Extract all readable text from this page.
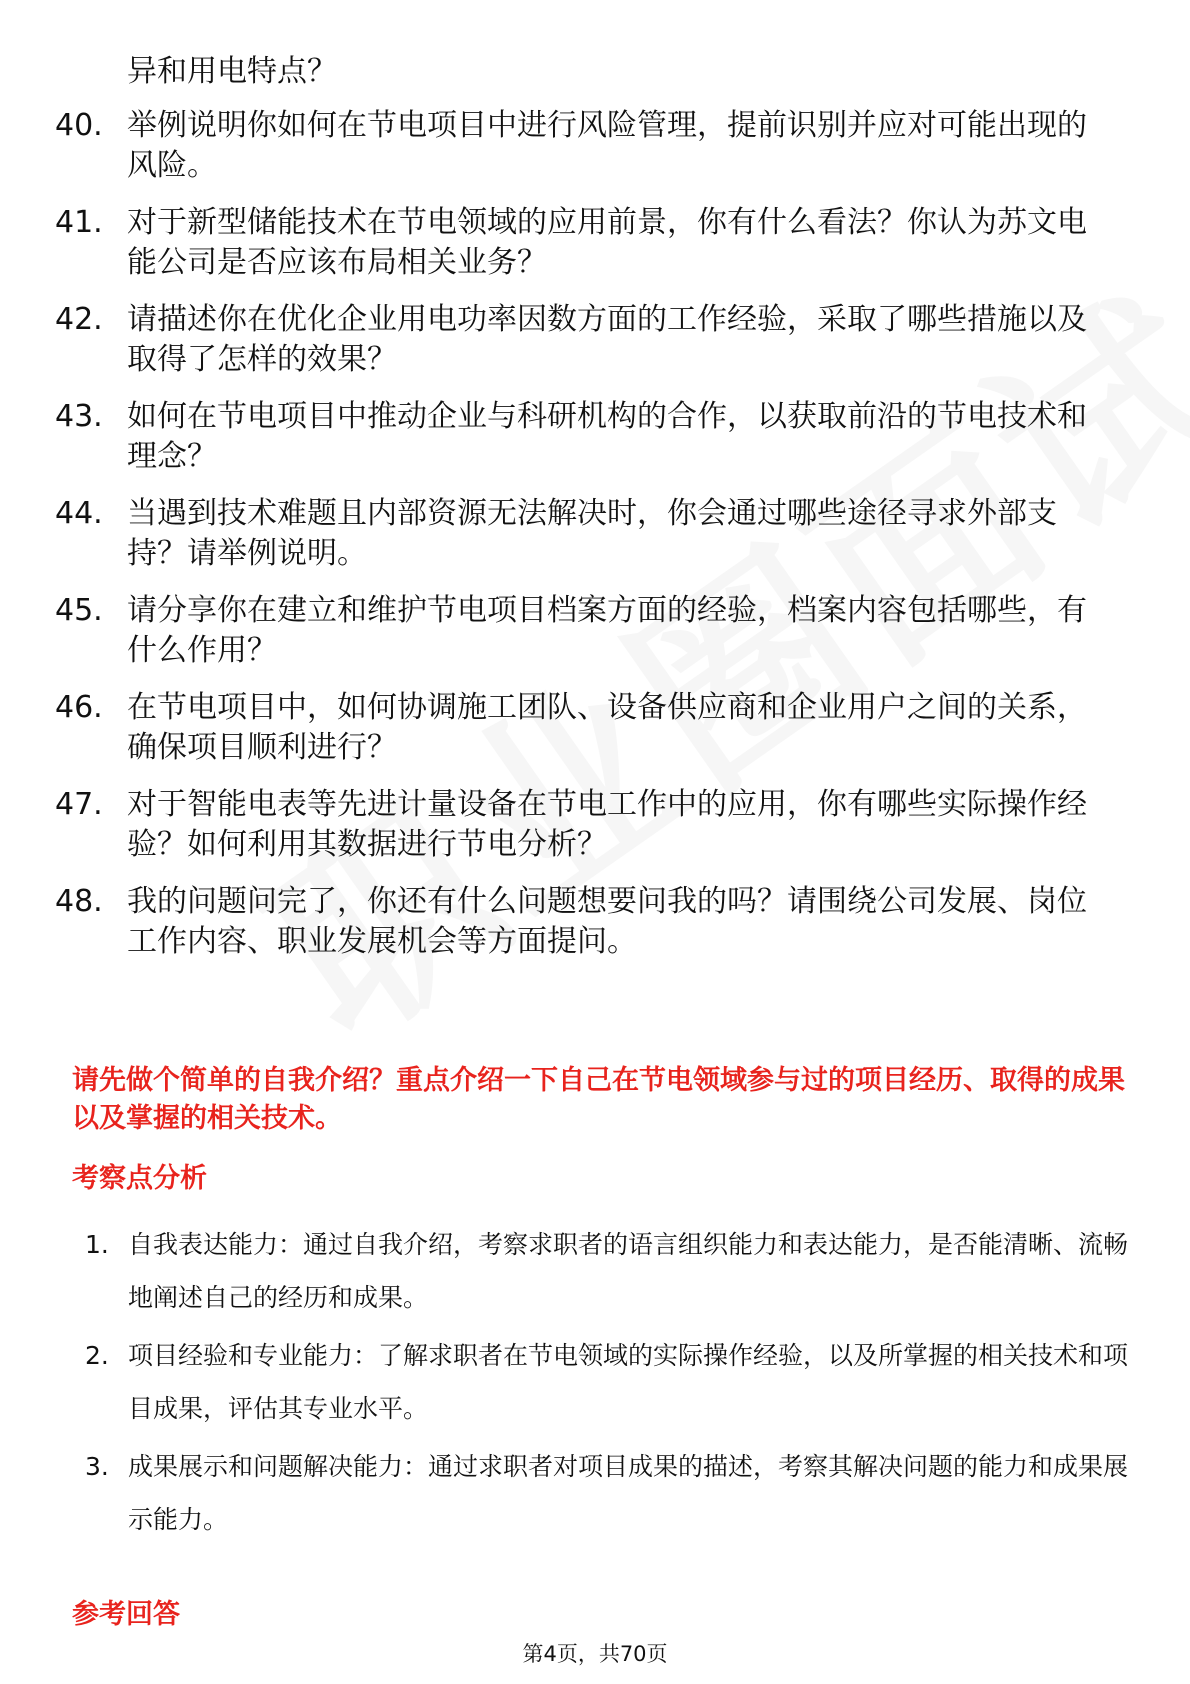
异和用电特点？
40. 举例说明你如何在节电项目中进行风险管理，提前识别并应对可能出现的风险。
41. 对于新型储能技术在节电领域的应用前景，你有什么看法？你认为苏文电能公司是否应该布局相关业务？
42. 请描述你在优化企业用电功率因数方面的工作经验，采取了哪些措施以及取得了怎样的效果？
43. 如何在节电项目中推动企业与科研机构的合作，以获取前沿的节电技术和理念？
44. 当遇到技术难题且内部资源无法解决时，你会通过哪些途径寻求外部支持？请举例说明。
45. 请分享你在建立和维护节电项目档案方面的经验，档案内容包括哪些，有什么作用？
46. 在节电项目中，如何协调施工团队、设备供应商和企业用户之间的关系，确保项目顺利进行？
47. 对于智能电表等先进计量设备在节电工作中的应用，你有哪些实际操作经验？如何利用其数据进行节电分析？
48. 我的问题问完了，你还有什么问题想要问我的吗？请围绕公司发展、岗位工作内容、职业发展机会等方面提问。
请先做个简单的自我介绍？重点介绍一下自己在节电领域参与过的项目经历、取得的成果以及掌握的相关技术。
考察点分析
1. 自我表达能力：通过自我介绍，考察求职者的语言组织能力和表达能力，是否能清晰、流畅地阐述自己的经历和成果。
2. 项目经验和专业能力：了解求职者在节电领域的实际操作经验，以及所掌握的相关技术和项目成果，评估其专业水平。
3. 成果展示和问题解决能力：通过求职者对项目成果的描述，考察其解决问题的能力和成果展示能力。
参考回答
第4页，共70页
